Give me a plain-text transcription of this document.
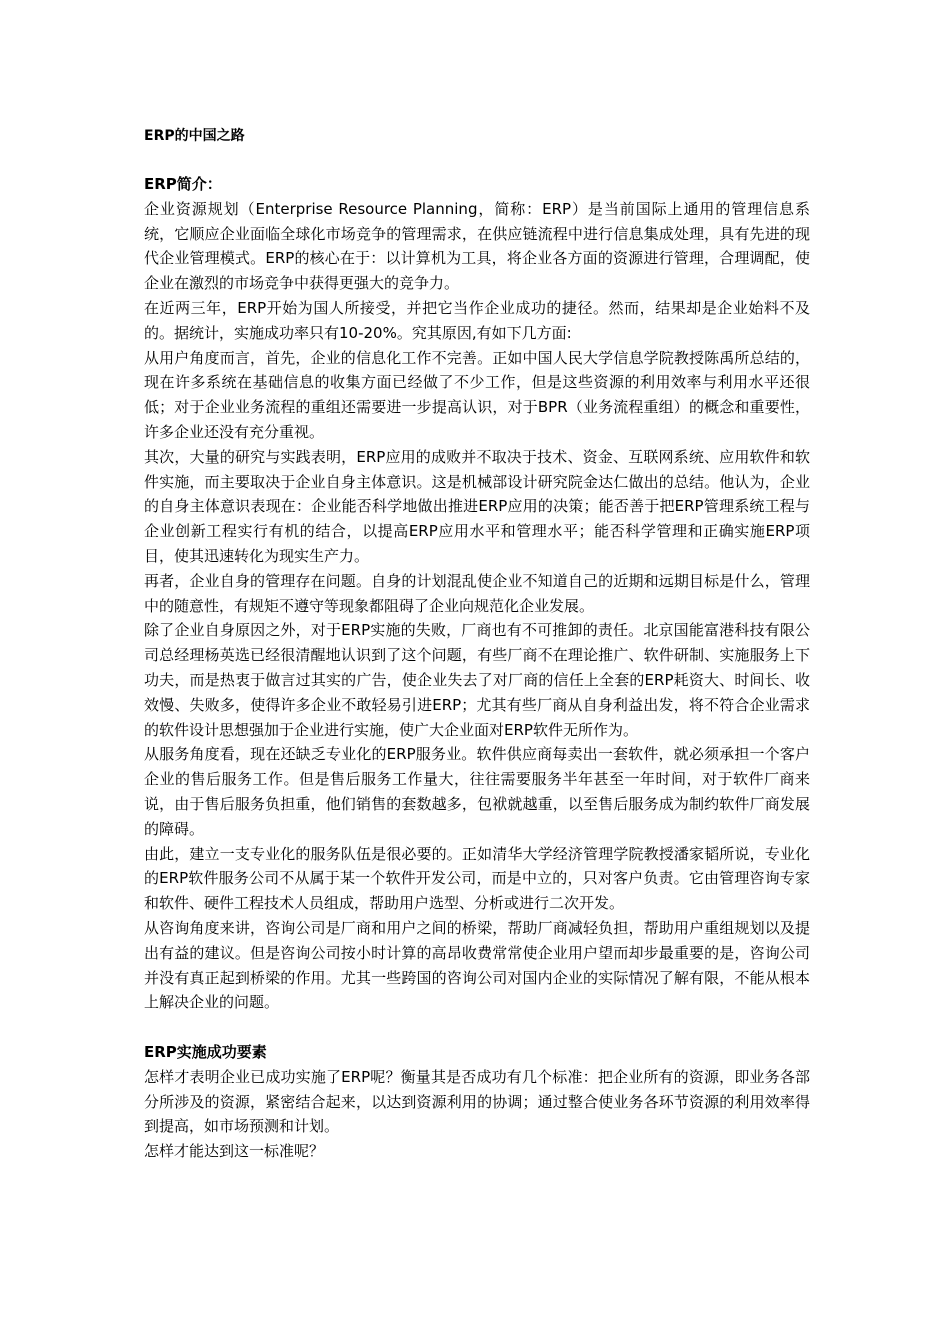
ERP的中国之路
ERP简介：

企业资源规划（Enterprise Resource Planning，简称：ERP）是当前国际上通用的管理信息系统，它顺应企业面临全球化市场竞争的管理需求，在供应链流程中进行信息集成处理，具有先进的现代企业管理模式。ERP的核心在于：以计算机为工具，将企业各方面的资源进行管理，合理调配，使企业在激烈的市场竞争中获得更强大的竞争力。

在近两三年，ERP开始为国人所接受，并把它当作企业成功的捷径。然而，结果却是企业始料不及的。据统计，实施成功率只有10-20%。究其原因,有如下几方面:

从用户角度而言，首先，企业的信息化工作不完善。正如中国人民大学信息学院教授陈禹所总结的，现在许多系统在基础信息的收集方面已经做了不少工作，但是这些资源的利用效率与利用水平还很低；对于企业业务流程的重组还需要进一步提高认识，对于BPR（业务流程重组）的概念和重要性，许多企业还没有充分重视。

其次，大量的研究与实践表明，ERP应用的成败并不取决于技术、资金、互联网系统、应用软件和软件实施，而主要取决于企业自身主体意识。这是机械部设计研究院金达仁做出的总结。他认为，企业的自身主体意识表现在：企业能否科学地做出推进ERP应用的决策；能否善于把ERP管理系统工程与企业创新工程实行有机的结合，以提高ERP应用水平和管理水平；能否科学管理和正确实施ERP项目，使其迅速转化为现实生产力。

再者，企业自身的管理存在问题。自身的计划混乱使企业不知道自己的近期和远期目标是什么，管理中的随意性，有规矩不遵守等现象都阻碍了企业向规范化企业发展。

除了企业自身原因之外，对于ERP实施的失败，厂商也有不可推卸的责任。北京国能富港科技有限公司总经理杨英选已经很清醒地认识到了这个问题，有些厂商不在理论推广、软件研制、实施服务上下功夫，而是热衷于做言过其实的广告，使企业失去了对厂商的信任上全套的ERP耗资大、时间长、收效慢、失败多，使得许多企业不敢轻易引进ERP；尤其有些厂商从自身利益出发，将不符合企业需求的软件设计思想强加于企业进行实施，使广大企业面对ERP软件无所作为。

从服务角度看，现在还缺乏专业化的ERP服务业。软件供应商每卖出一套软件，就必须承担一个客户企业的售后服务工作。但是售后服务工作量大，往往需要服务半年甚至一年时间，对于软件厂商来说，由于售后服务负担重，他们销售的套数越多，包袱就越重，以至售后服务成为制约软件厂商发展的障碍。

由此，建立一支专业化的服务队伍是很必要的。正如清华大学经济管理学院教授潘家韬所说，专业化的ERP软件服务公司不从属于某一个软件开发公司，而是中立的，只对客户负责。它由管理咨询专家和软件、硬件工程技术人员组成，帮助用户选型、分析或进行二次开发。

从咨询角度来讲，咨询公司是厂商和用户之间的桥梁，帮助厂商减轻负担，帮助用户重组规划以及提出有益的建议。但是咨询公司按小时计算的高昂收费常常使企业用户望而却步最重要的是，咨询公司并没有真正起到桥梁的作用。尤其一些跨国的咨询公司对国内企业的实际情况了解有限，不能从根本上解决企业的问题。

ERP实施成功要素

怎样才表明企业已成功实施了ERP呢？衡量其是否成功有几个标准：把企业所有的资源，即业务各部分所涉及的资源，紧密结合起来，以达到资源利用的协调；通过整合使业务各环节资源的利用效率得到提高，如市场预测和计划。

怎样才能达到这一标准呢？
